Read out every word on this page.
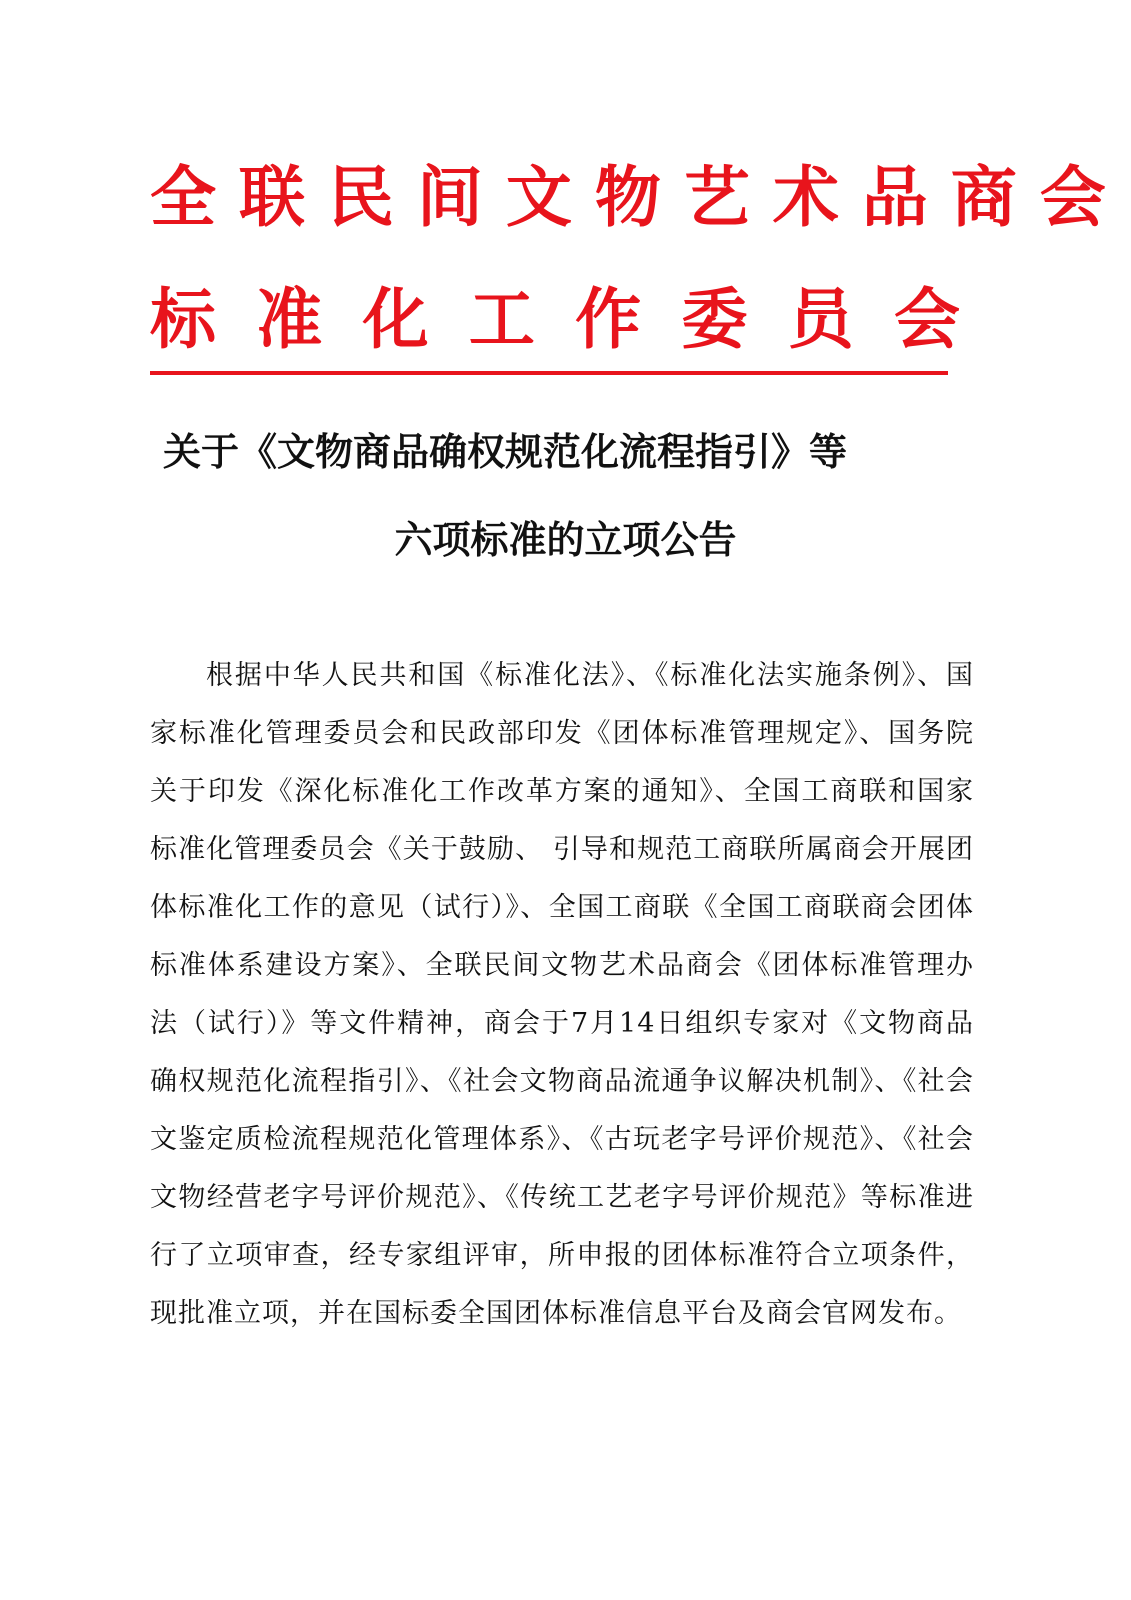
全 联 民 间 文 物 艺 术 品 商 会
标 准 化 工 作 委 员 会
关于《文物商品确权规范化流程指引》等
六项标准的立项公告
根据中华人民共和国《标准化法》、《标准化法实施条例》、国家标准化管理委员会和民政部印发《团体标准管理规定》、国务院关于印发《深化标准化工作改革方案的通知》、全国工商联和国家标准化管理委员会《关于鼓励、 引导和规范工商联所属商会开展团体标准化工作的意见（试行）》、全国工商联《全国工商联商会团体标准体系建设方案》、全联民间文物艺术品商会《团体标准管理办法（试行）》等文件精神，商会于7月14日组织专家对《文物商品确权规范化流程指引》、《社会文物商品流通争议解决机制》、《社会文鉴定质检流程规范化管理体系》、《古玩老字号评价规范》、《社会文物经营老字号评价规范》、《传统工艺老字号评价规范》等标准进行了立项审查，经专家组评审，所申报的团体标准符合立项条件，现批准立项，并在国标委全国团体标准信息平台及商会官网发布。
